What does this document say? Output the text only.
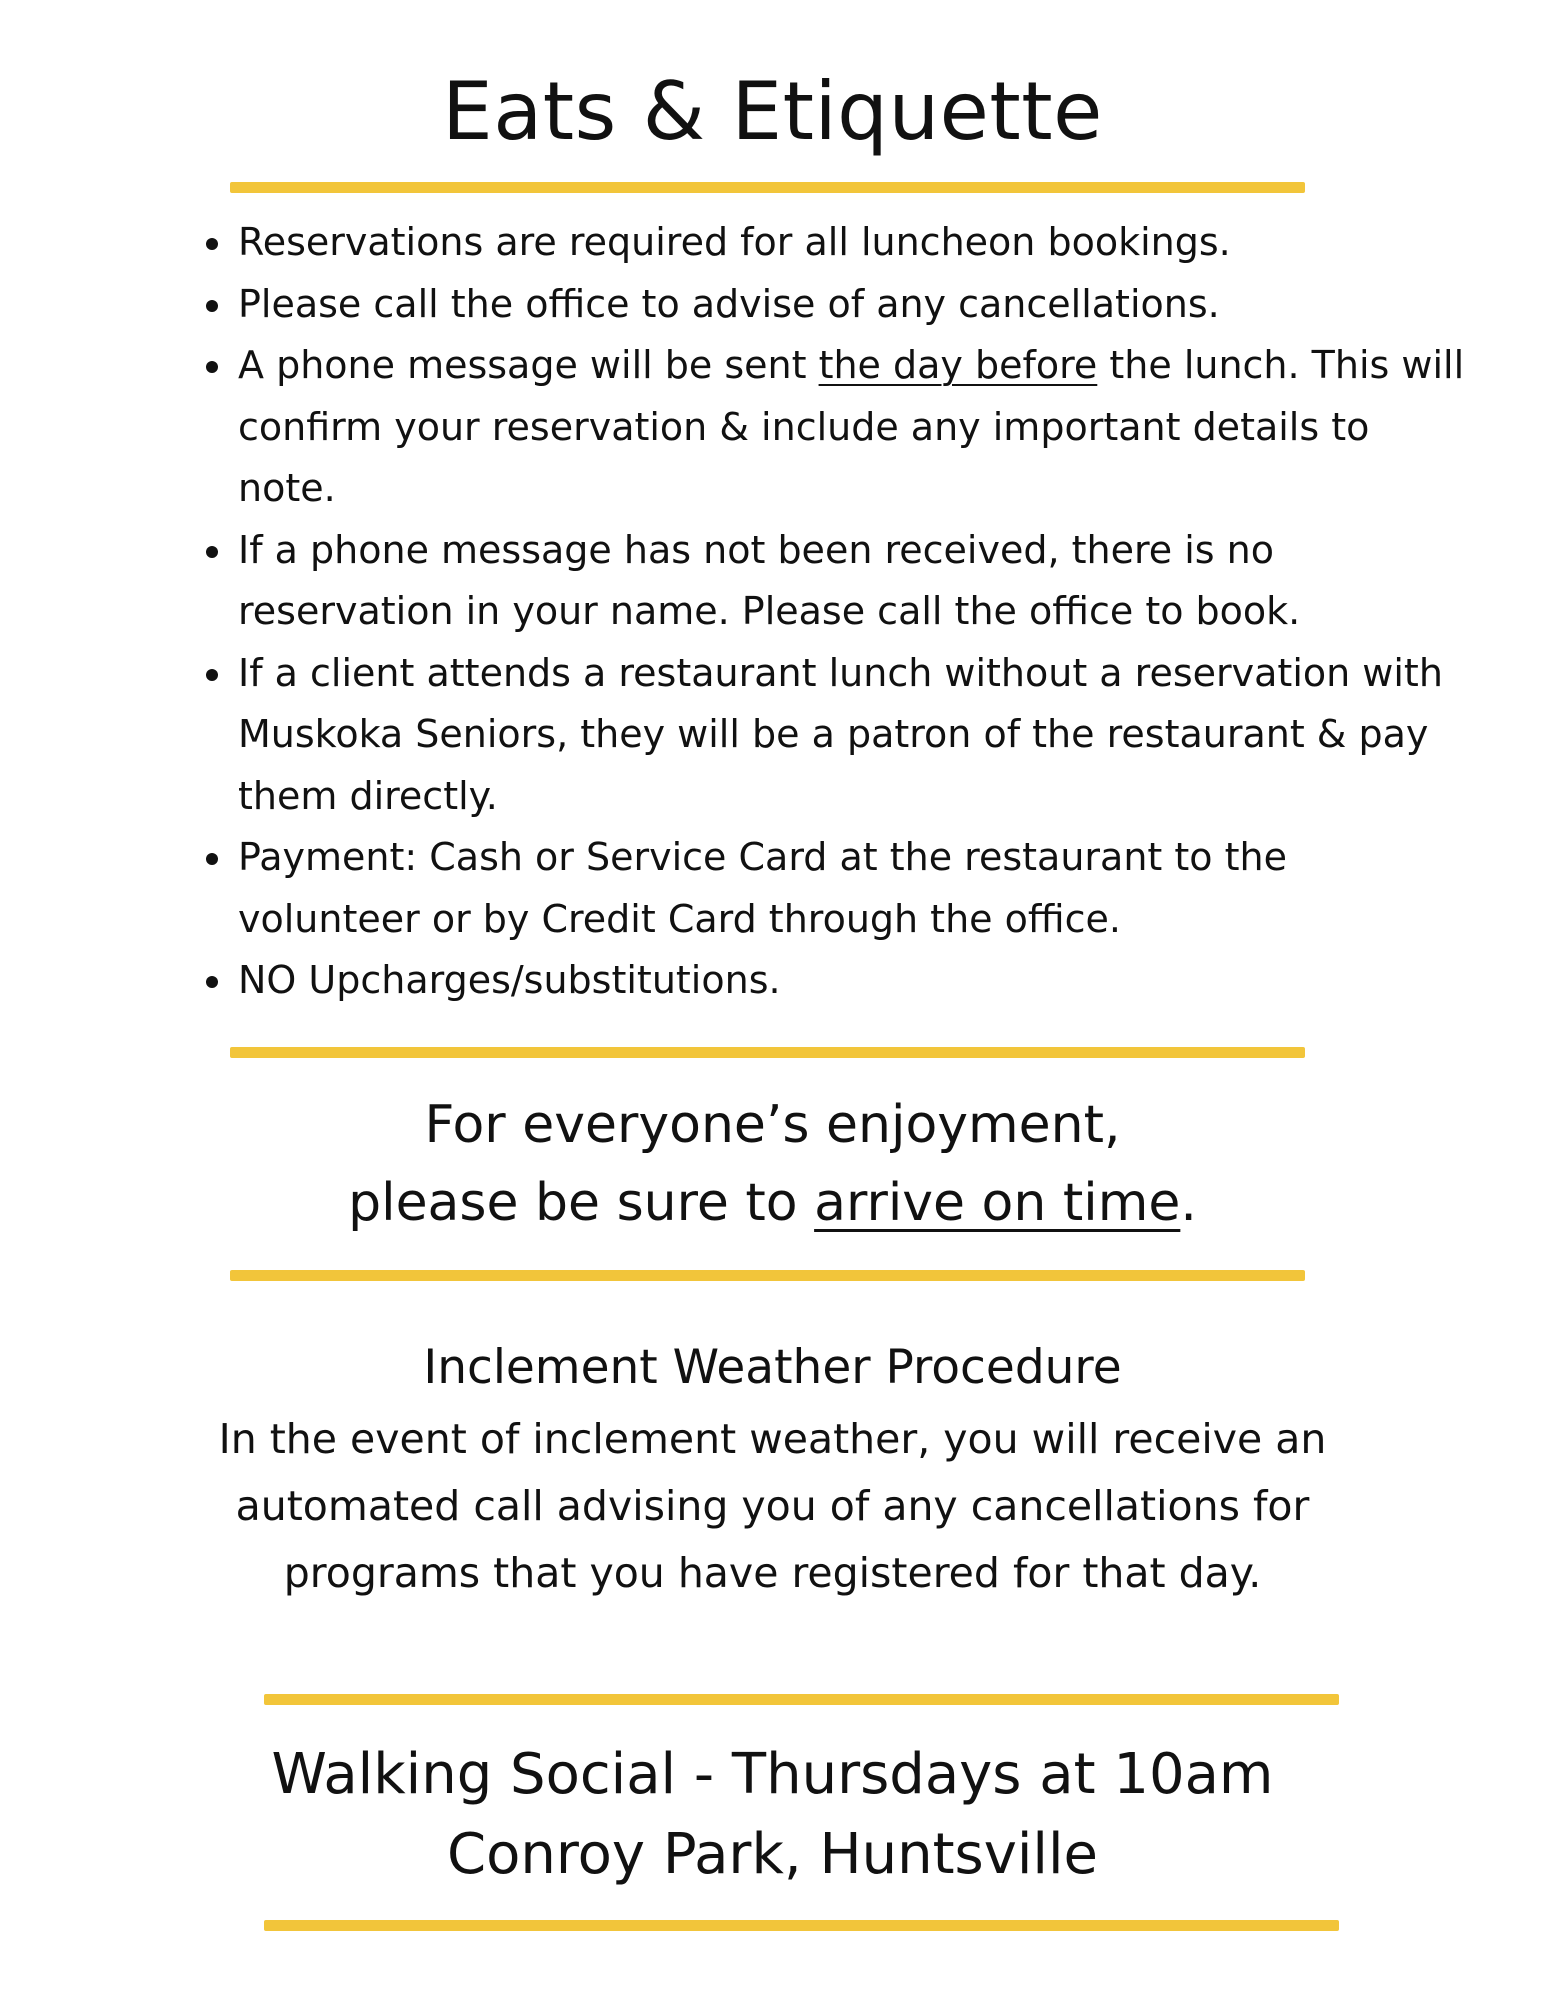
Eats & Etiquette
• Reservations are required for all luncheon bookings.
• Please call the office to advise of any cancellations.
• A phone message will be sent the day before the lunch. This will confirm your reservation & include any important details to note.
• If a phone message has not been received, there is no reservation in your name. Please call the office to book.
• If a client attends a restaurant lunch without a reservation with Muskoka Seniors, they will be a patron of the restaurant & pay them directly.
• Payment: Cash or Service Card at the restaurant to the volunteer or by Credit Card through the office.
• NO Upcharges/substitutions.
For everyone’s enjoyment,
please be sure to arrive on time.
Inclement Weather Procedure
In the event of inclement weather, you will receive an
automated call advising you of any cancellations for
programs that you have registered for that day.
Walking Social - Thursdays at 10am
Conroy Park, Huntsville
